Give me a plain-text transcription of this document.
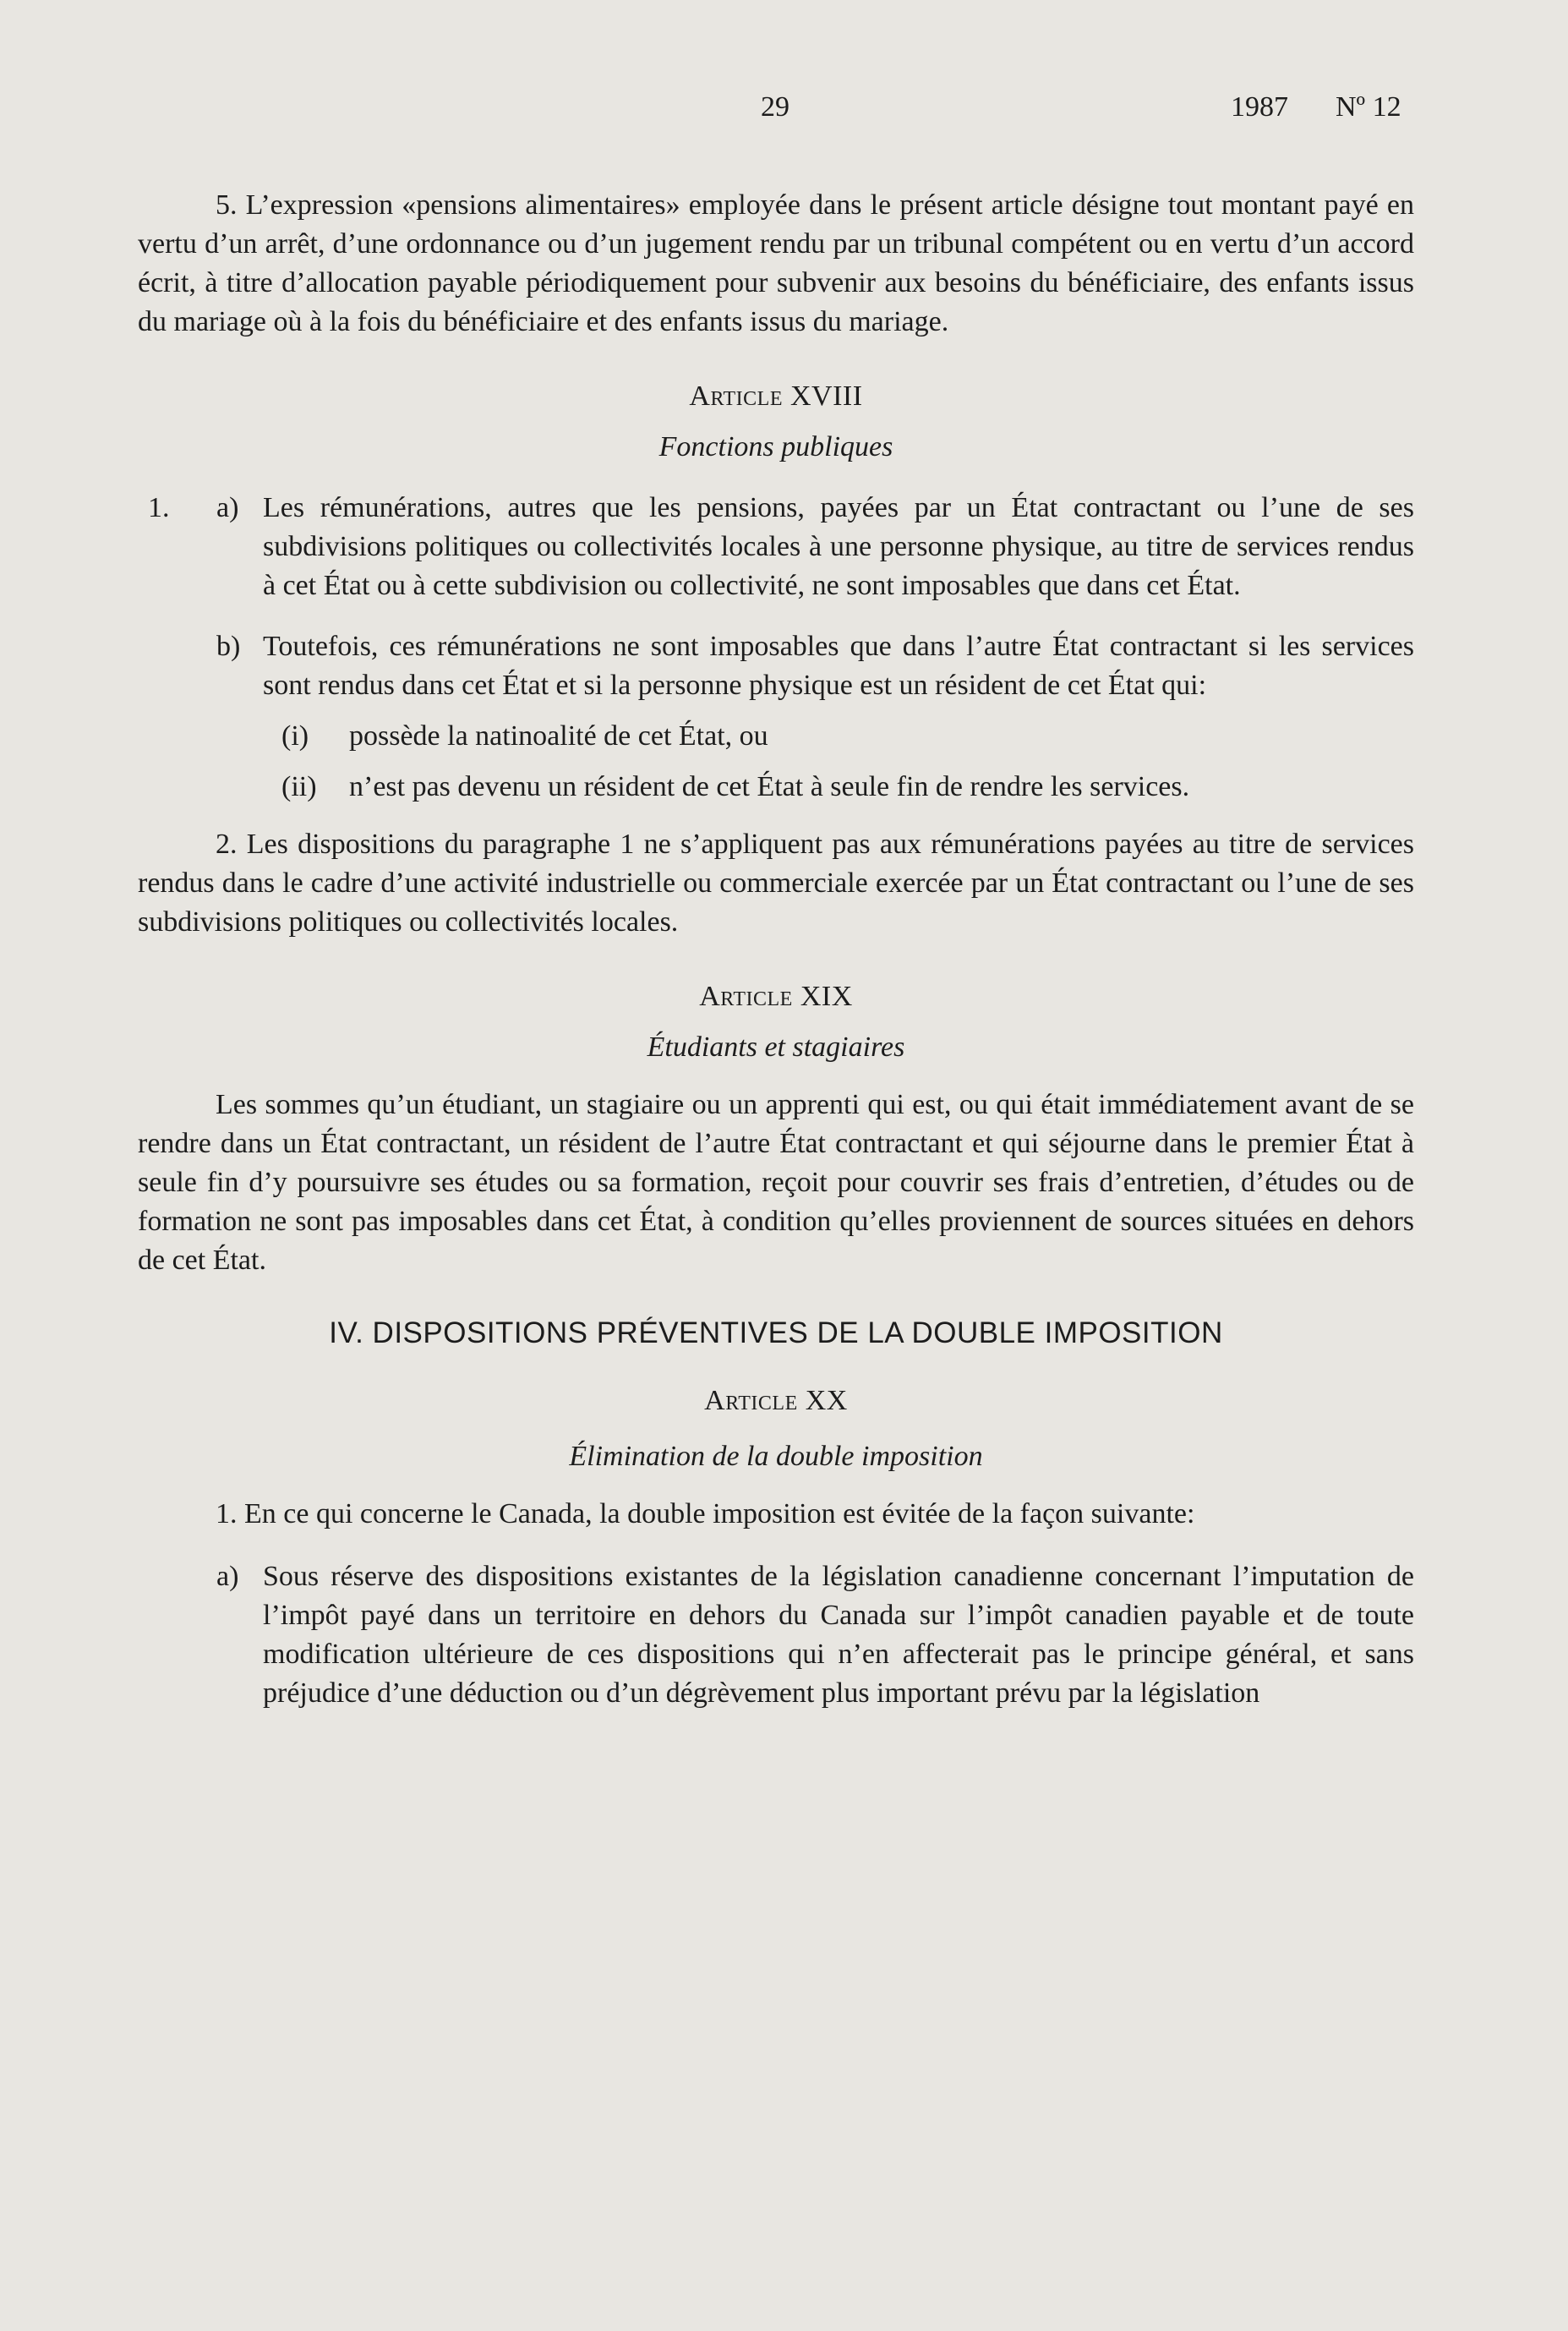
29	1987 Nº 12

5. L’expression «pensions alimentaires» employée dans le présent article désigne tout montant payé en vertu d’un arrêt, d’une ordonnance ou d’un jugement rendu par un tribunal compétent ou en vertu d’un accord écrit, à titre d’allocation payable périodiquement pour subvenir aux besoins du bénéficiaire, des enfants issus du mariage où à la fois du bénéficiaire et des enfants issus du mariage.

Article XVIII

Fonctions publiques

1. a) Les rémunérations, autres que les pensions, payées par un État contractant ou l’une de ses subdivisions politiques ou collectivités locales à une personne physique, au titre de services rendus à cet État ou à cette subdivision ou collectivité, ne sont imposables que dans cet État.

b) Toutefois, ces rémunérations ne sont imposables que dans l’autre État contractant si les services sont rendus dans cet État et si la personne physique est un résident de cet État qui:

(i) possède la natinoalité de cet État, ou

(ii) n’est pas devenu un résident de cet État à seule fin de rendre les services.

2. Les dispositions du paragraphe 1 ne s’appliquent pas aux rémunérations payées au titre de services rendus dans le cadre d’une activité industrielle ou commerciale exercée par un État contractant ou l’une de ses subdivisions politiques ou collectivités locales.

Article XIX

Étudiants et stagiaires

Les sommes qu’un étudiant, un stagiaire ou un apprenti qui est, ou qui était immédiatement avant de se rendre dans un État contractant, un résident de l’autre État contractant et qui séjourne dans le premier État à seule fin d’y poursuivre ses études ou sa formation, reçoit pour couvrir ses frais d’entretien, d’études ou de formation ne sont pas imposables dans cet État, à condition qu’elles proviennent de sources situées en dehors de cet État.

IV. DISPOSITIONS PRÉVENTIVES DE LA DOUBLE IMPOSITION

Article XX

Élimination de la double imposition

1. En ce qui concerne le Canada, la double imposition est évitée de la façon suivante:

a) Sous réserve des dispositions existantes de la législation canadienne concernant l’imputation de l’impôt payé dans un territoire en dehors du Canada sur l’impôt canadien payable et de toute modification ultérieure de ces dispositions qui n’en affecterait pas le principe général, et sans préjudice d’une déduction ou d’un dégrèvement plus important prévu par la législation
